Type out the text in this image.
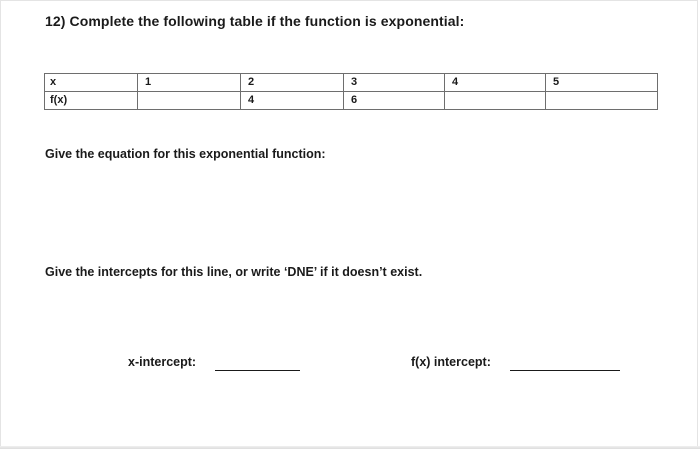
12) Complete the following table if the function is exponential:
x	1	2	3	4	5
f(x)		4	6		
Give the equation for this exponential function:
Give the intercepts for this line, or write ‘DNE’ if it doesn’t exist.
x-intercept:	f(x) intercept:
